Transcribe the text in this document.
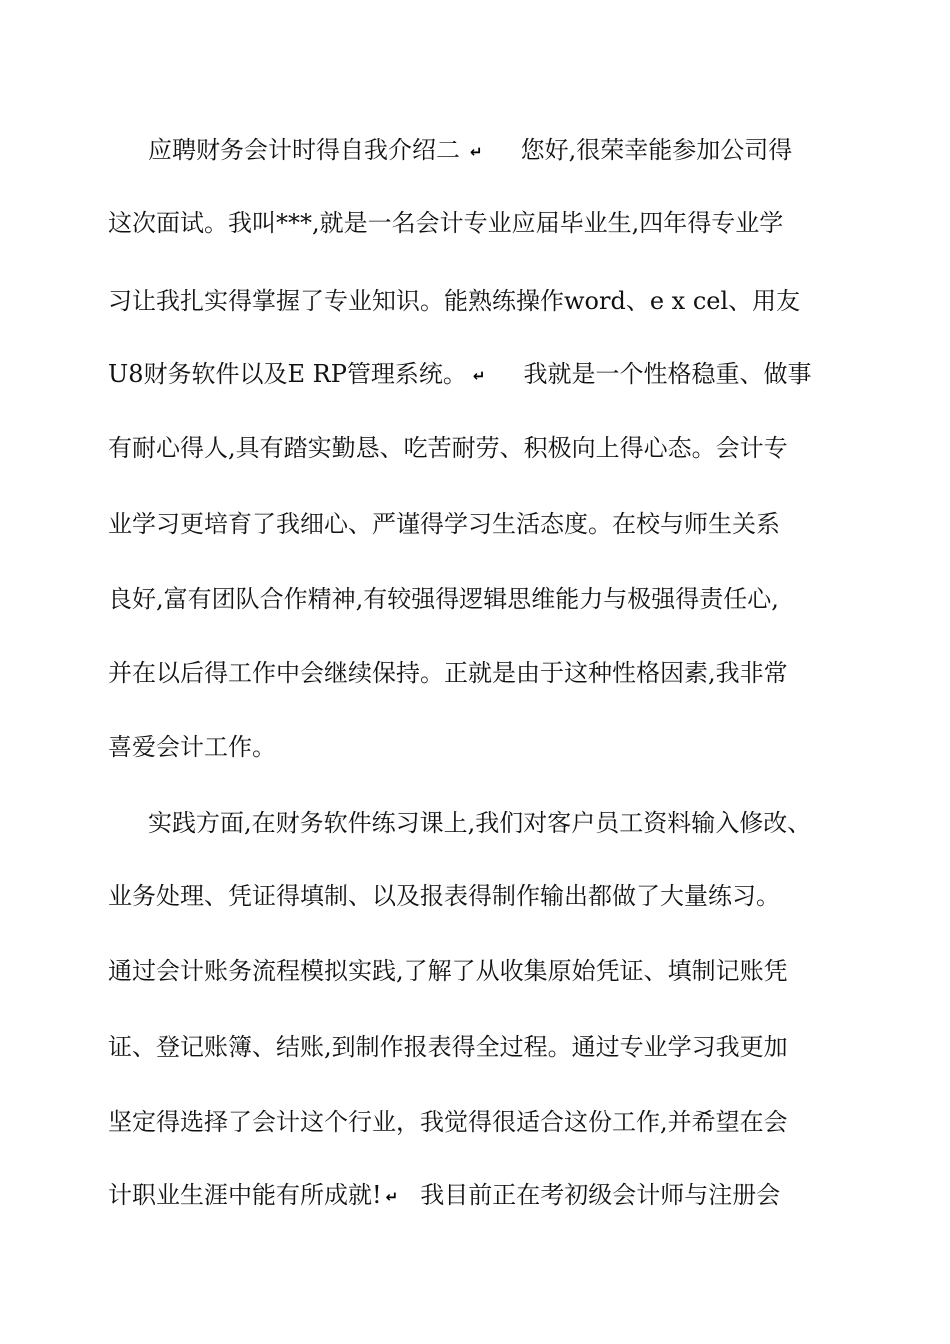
应聘财务会计时得自我介绍二 ↵ 您好,很荣幸能参加公司得
这次面试。我叫***,就是一名会计专业应届毕业生,四年得专业学
习让我扎实得掌握了专业知识。能熟练操作word、e x cel、用友
U8财务软件以及E RP管理系统。 ↵ 我就是一个性格稳重、做事
有耐心得人,具有踏实勤恳、吃苦耐劳、积极向上得心态。会计专
业学习更培育了我细心、严谨得学习生活态度。在校与师生关系
良好,富有团队合作精神,有较强得逻辑思维能力与极强得责任心,
并在以后得工作中会继续保持。正就是由于这种性格因素,我非常
喜爱会计工作。
实践方面,在财务软件练习课上,我们对客户员工资料输入修改、
业务处理、凭证得填制、以及报表得制作输出都做了大量练习。
通过会计账务流程模拟实践,了解了从收集原始凭证、填制记账凭
证、登记账簿、结账,到制作报表得全过程。通过专业学习我更加
坚定得选择了会计这个行业，我觉得很适合这份工作,并希望在会
计职业生涯中能有所成就! ↵ 我目前正在考初级会计师与注册会
